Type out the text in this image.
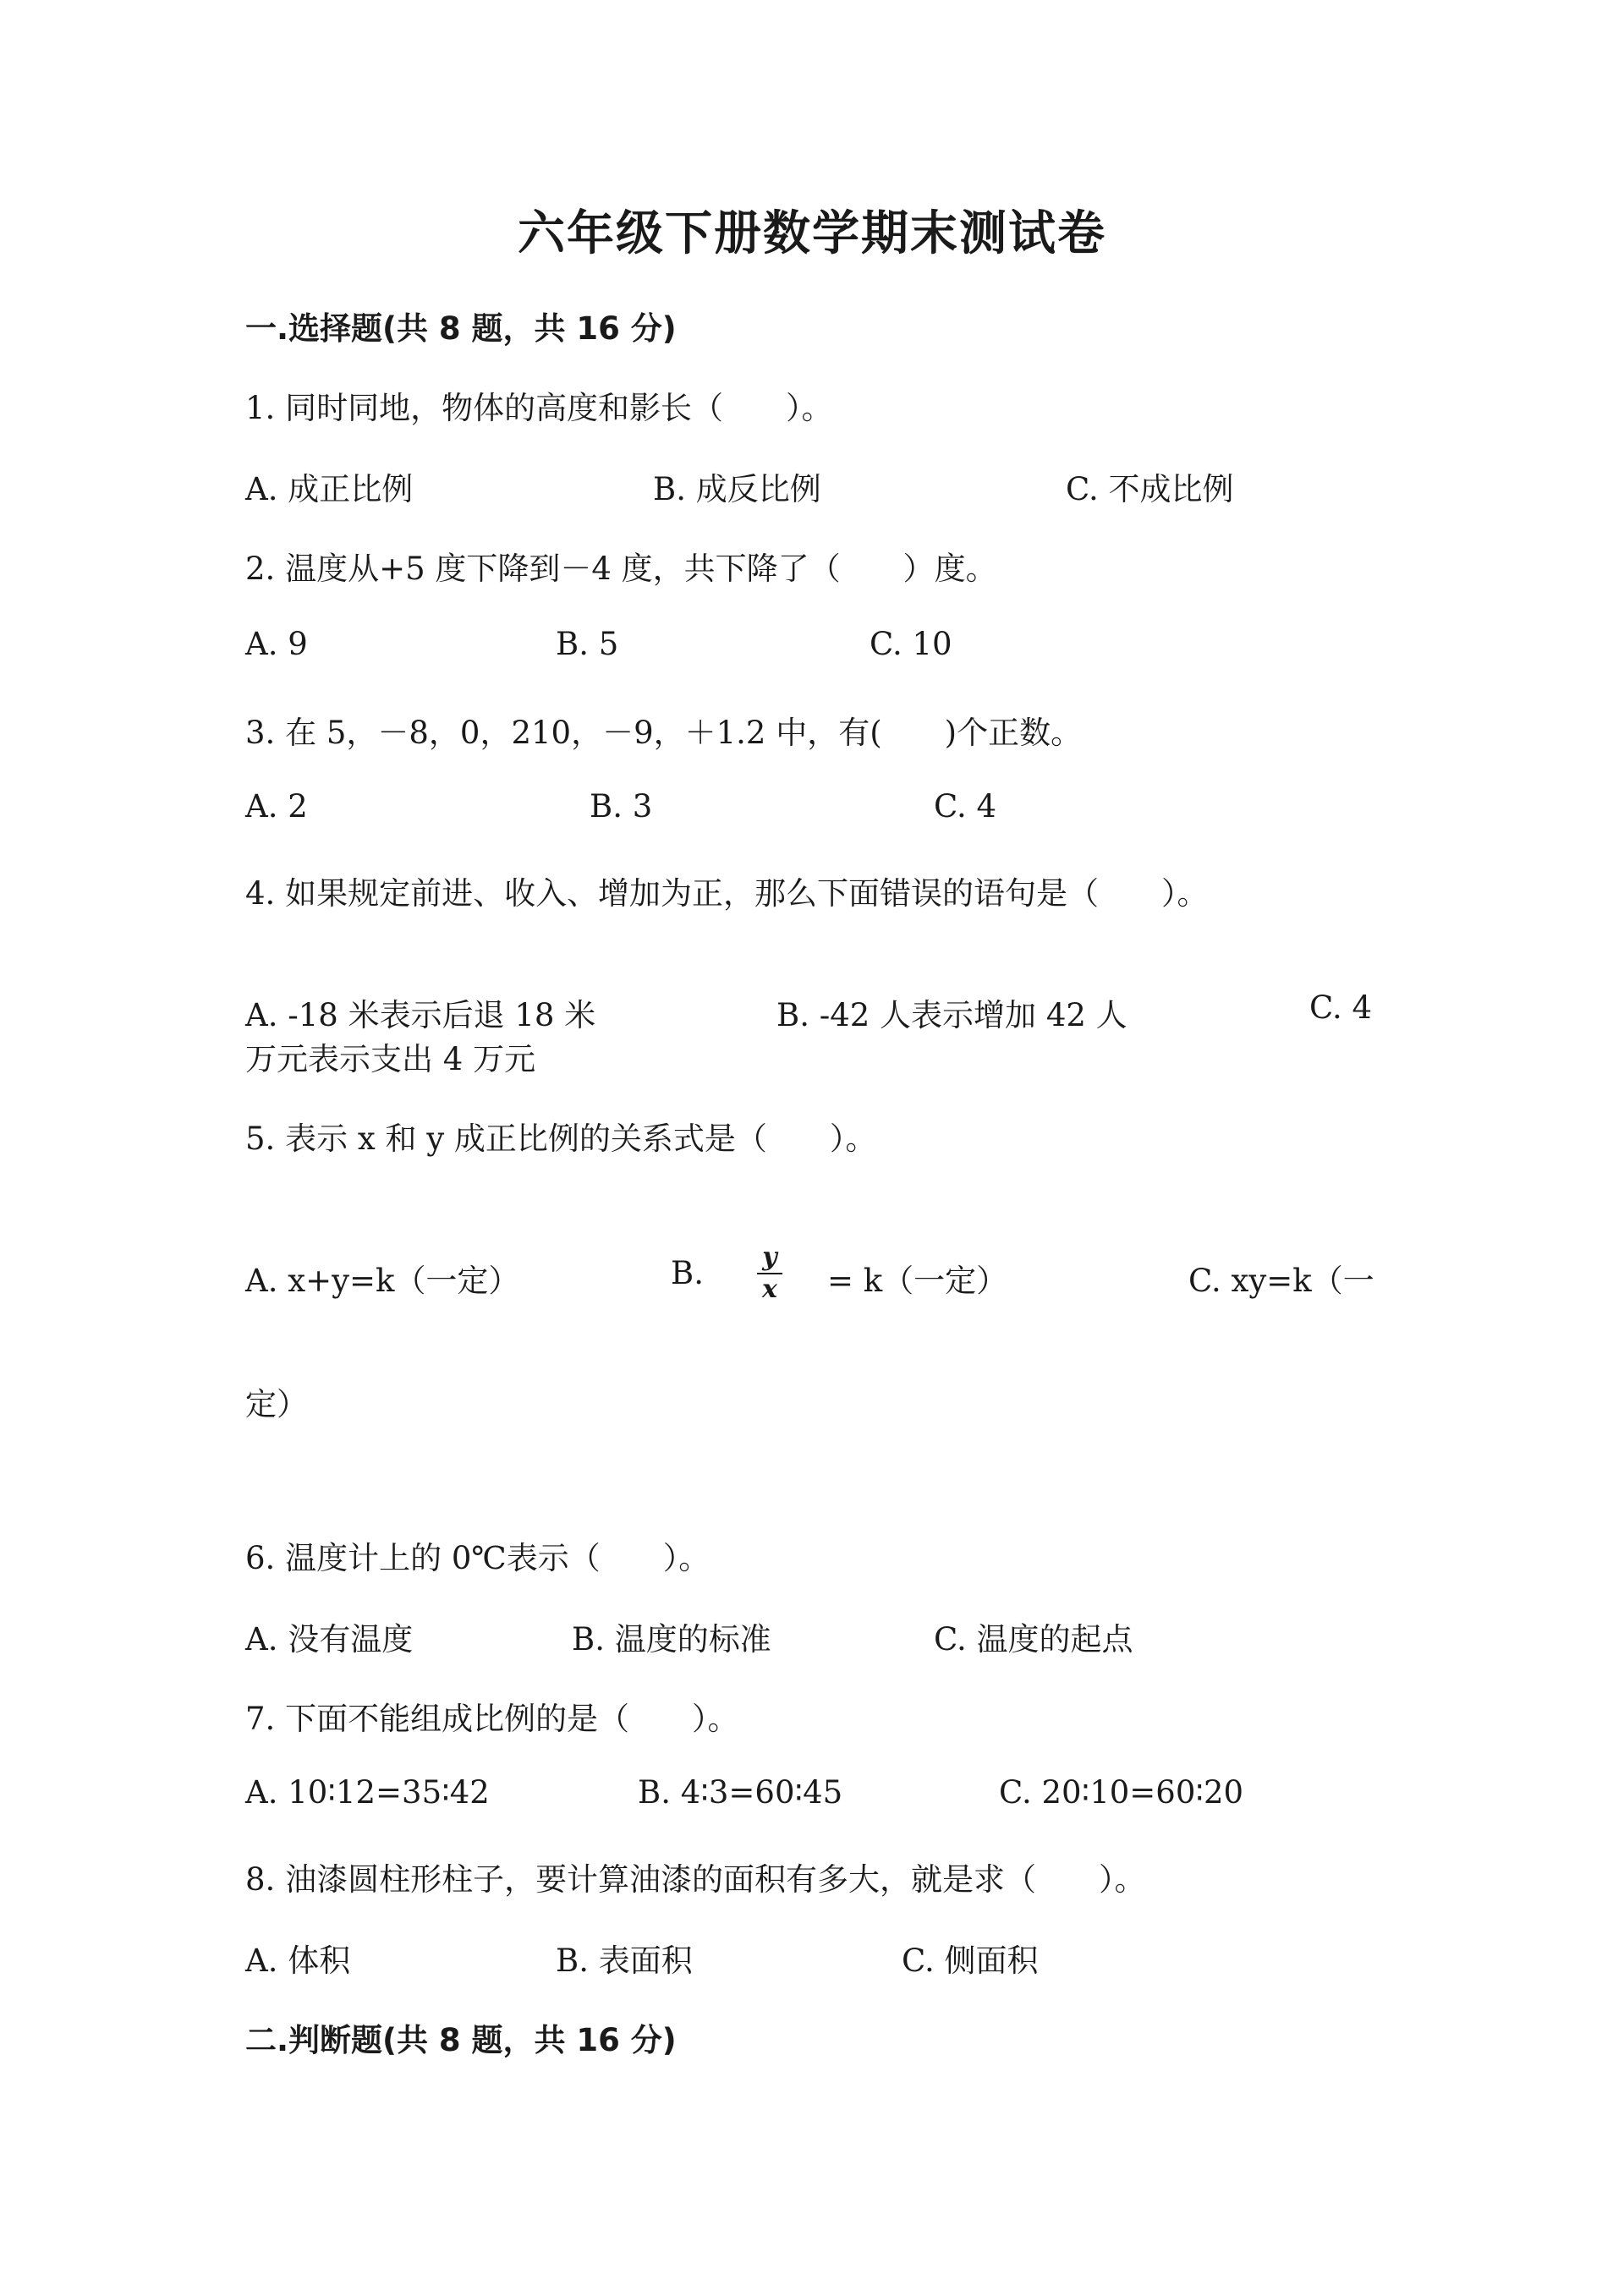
六年级下册数学期末测试卷
一.选择题(共 8 题，共 16 分)
1. 同时同地，物体的高度和影长（　　）。
A. 成正比例	B. 成反比例	C. 不成比例
2. 温度从+5 度下降到－4 度，共下降了（　　）度。
A. 9	B. 5	C. 10
3. 在 5，－8，0，210，－9，＋1.2 中，有(　　)个正数。
A. 2	B. 3	C. 4
4. 如果规定前进、收入、增加为正，那么下面错误的语句是（　　）。
A. -18 米表示后退 18 米	B. -42 人表示增加 42 人	C. 4
万元表示支出 4 万元
5. 表示 x 和 y 成正比例的关系式是（　　）。
A. x+y=k（一定）	B. y
x = k（一定）	C. xy=k（一
定）
6. 温度计上的 0℃表示（　　）。
A. 没有温度	B. 温度的标准	C. 温度的起点
7. 下面不能组成比例的是（　　）。
A. 10∶12=35∶42	B. 4∶3=60∶45	C. 20∶10=60∶20
8. 油漆圆柱形柱子，要计算油漆的面积有多大，就是求（　　）。
A. 体积	B. 表面积	C. 侧面积
二.判断题(共 8 题，共 16 分)
